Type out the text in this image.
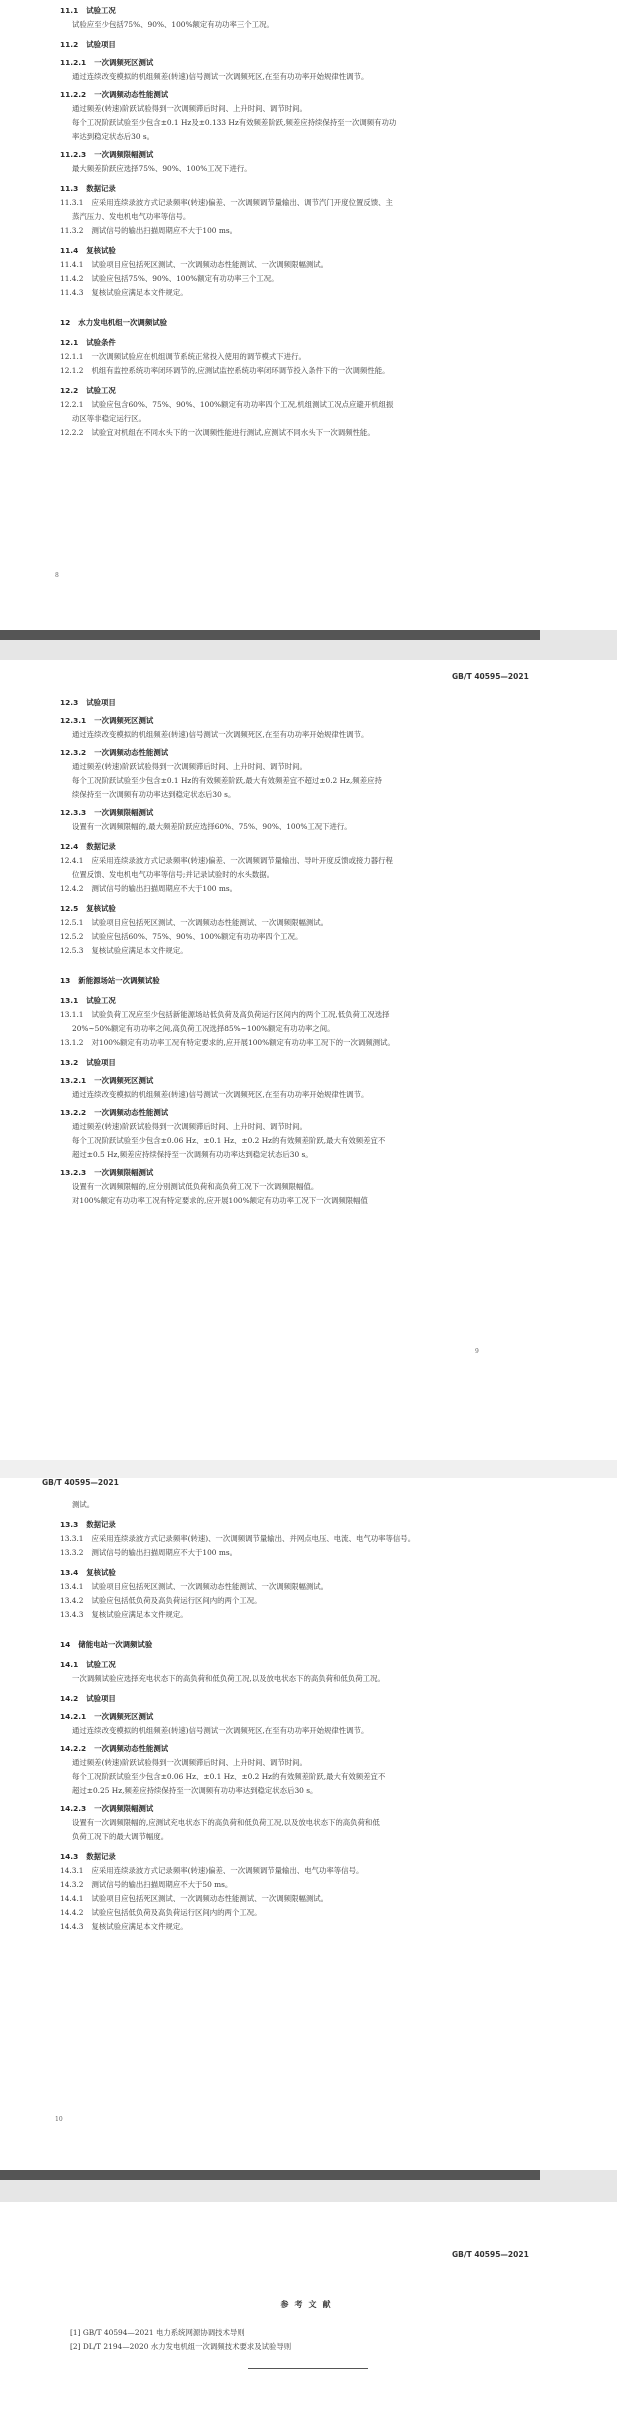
11.1 试验工况
试验应至少包括75%、90%、100%额定有功功率三个工况。
11.2 试验项目
11.2.1 一次调频死区测试
通过连续改变模拟的机组频差(转速)信号测试一次调频死区,在至有功功率开始规律性调节。
11.2.2 一次调频动态性能测试
通过频差(转速)阶跃试验得到一次调频滞后时间、上升时间、调节时间。
每个工况阶跃试验至少包含±0.1 Hz及±0.133 Hz有效频差阶跃,频差应持续保持至一次调频有功功
率达到稳定状态后30 s。
11.2.3 一次调频限幅测试
最大频差阶跃应选择75%、90%、100%工况下进行。
11.3 数据记录
11.3.1 应采用连续录波方式记录频率(转速)偏差、一次调频调节量输出、调节汽门开度位置反馈、主
蒸汽压力、发电机电气功率等信号。
11.3.2 测试信号的输出扫描周期应不大于100 ms。
11.4 复核试验
11.4.1 试验项目应包括死区测试、一次调频动态性能测试、一次调频限幅测试。
11.4.2 试验应包括75%、90%、100%额定有功功率三个工况。
11.4.3 复核试验应满足本文件规定。
12 水力发电机组一次调频试验
12.1 试验条件
12.1.1 一次调频试验应在机组调节系统正常投入使用的调节模式下进行。
12.1.2 机组有监控系统功率闭环调节的,应测试监控系统功率闭环调节投入条件下的一次调频性能。
12.2 试验工况
12.2.1 试验应包含60%、75%、90%、100%额定有功功率四个工况,机组测试工况点应避开机组振
动区等非稳定运行区。
12.2.2 试验宜对机组在不同水头下的一次调频性能进行测试,应测试不同水头下一次调频性能。
8
GB/T 40595—2021
12.3 试验项目
12.3.1 一次调频死区测试
通过连续改变模拟的机组频差(转速)信号测试一次调频死区,在至有功功率开始规律性调节。
12.3.2 一次调频动态性能测试
通过频差(转速)阶跃试验得到一次调频滞后时间、上升时间、调节时间。
每个工况阶跃试验至少包含±0.1 Hz的有效频差阶跃,最大有效频差宜不超过±0.2 Hz,频差应持
续保持至一次调频有功功率达到稳定状态后30 s。
12.3.3 一次调频限幅测试
设置有一次调频限幅的,最大频差阶跃应选择60%、75%、90%、100%工况下进行。
12.4 数据记录
12.4.1 应采用连续录波方式记录频率(转速)偏差、一次调频调节量输出、导叶开度反馈或接力器行程
位置反馈、发电机电气功率等信号;并记录试验时的水头数据。
12.4.2 测试信号的输出扫描周期应不大于100 ms。
12.5 复核试验
12.5.1 试验项目应包括死区测试、一次调频动态性能测试、一次调频限幅测试。
12.5.2 试验应包括60%、75%、90%、100%额定有功功率四个工况。
12.5.3 复核试验应满足本文件规定。
13 新能源场站一次调频试验
13.1 试验工况
13.1.1 试验负荷工况应至少包括新能源场站低负荷及高负荷运行区间内的两个工况,低负荷工况选择
20%~50%额定有功功率之间,高负荷工况选择85%~100%额定有功功率之间。
13.1.2 对100%额定有功功率工况有特定要求的,应开展100%额定有功功率工况下的一次调频测试。
13.2 试验项目
13.2.1 一次调频死区测试
通过连续改变模拟的机组频差(转速)信号测试一次调频死区,在至有功功率开始规律性调节。
13.2.2 一次调频动态性能测试
通过频差(转速)阶跃试验得到一次调频滞后时间、上升时间、调节时间。
每个工况阶跃试验至少包含±0.06 Hz、±0.1 Hz、±0.2 Hz的有效频差阶跃,最大有效频差宜不
超过±0.5 Hz,频差应持续保持至一次调频有功功率达到稳定状态后30 s。
13.2.3 一次调频限幅测试
设置有一次调频限幅的,应分别测试低负荷和高负荷工况下一次调频限幅值。
对100%额定有功功率工况有特定要求的,应开展100%额定有功功率工况下一次调频限幅值
9
GB/T 40595—2021
测试。
13.3 数据记录
13.3.1 应采用连续录波方式记录频率(转速)、一次调频调节量输出、并网点电压、电流、电气功率等信号。
13.3.2 测试信号的输出扫描周期应不大于100 ms。
13.4 复核试验
13.4.1 试验项目应包括死区测试、一次调频动态性能测试、一次调频限幅测试。
13.4.2 试验应包括低负荷及高负荷运行区间内的两个工况。
13.4.3 复核试验应满足本文件规定。
14 储能电站一次调频试验
14.1 试验工况
一次调频试验应选择充电状态下的高负荷和低负荷工况,以及放电状态下的高负荷和低负荷工况。
14.2 试验项目
14.2.1 一次调频死区测试
通过连续改变模拟的机组频差(转速)信号测试一次调频死区,在至有功功率开始规律性调节。
14.2.2 一次调频动态性能测试
通过频差(转速)阶跃试验得到一次调频滞后时间、上升时间、调节时间。
每个工况阶跃试验至少包含±0.06 Hz、±0.1 Hz、±0.2 Hz的有效频差阶跃,最大有效频差宜不
超过±0.25 Hz,频差应持续保持至一次调频有功功率达到稳定状态后30 s。
14.2.3 一次调频限幅测试
设置有一次调频限幅的,应测试充电状态下的高负荷和低负荷工况,以及放电状态下的高负荷和低
负荷工况下的最大调节幅度。
14.3 数据记录
14.3.1 应采用连续录波方式记录频率(转速)偏差、一次调频调节量输出、电气功率等信号。
14.3.2 测试信号的输出扫描周期应不大于50 ms。
14.4.1 试验项目应包括死区测试、一次调频动态性能测试、一次调频限幅测试。
14.4.2 试验应包括低负荷及高负荷运行区间内的两个工况。
14.4.3 复核试验应满足本文件规定。
10
GB/T 40595—2021
参考文献
[1] GB/T 40594—2021 电力系统网源协调技术导则
[2] DL/T 2194—2020 水力发电机组一次调频技术要求及试验导则
